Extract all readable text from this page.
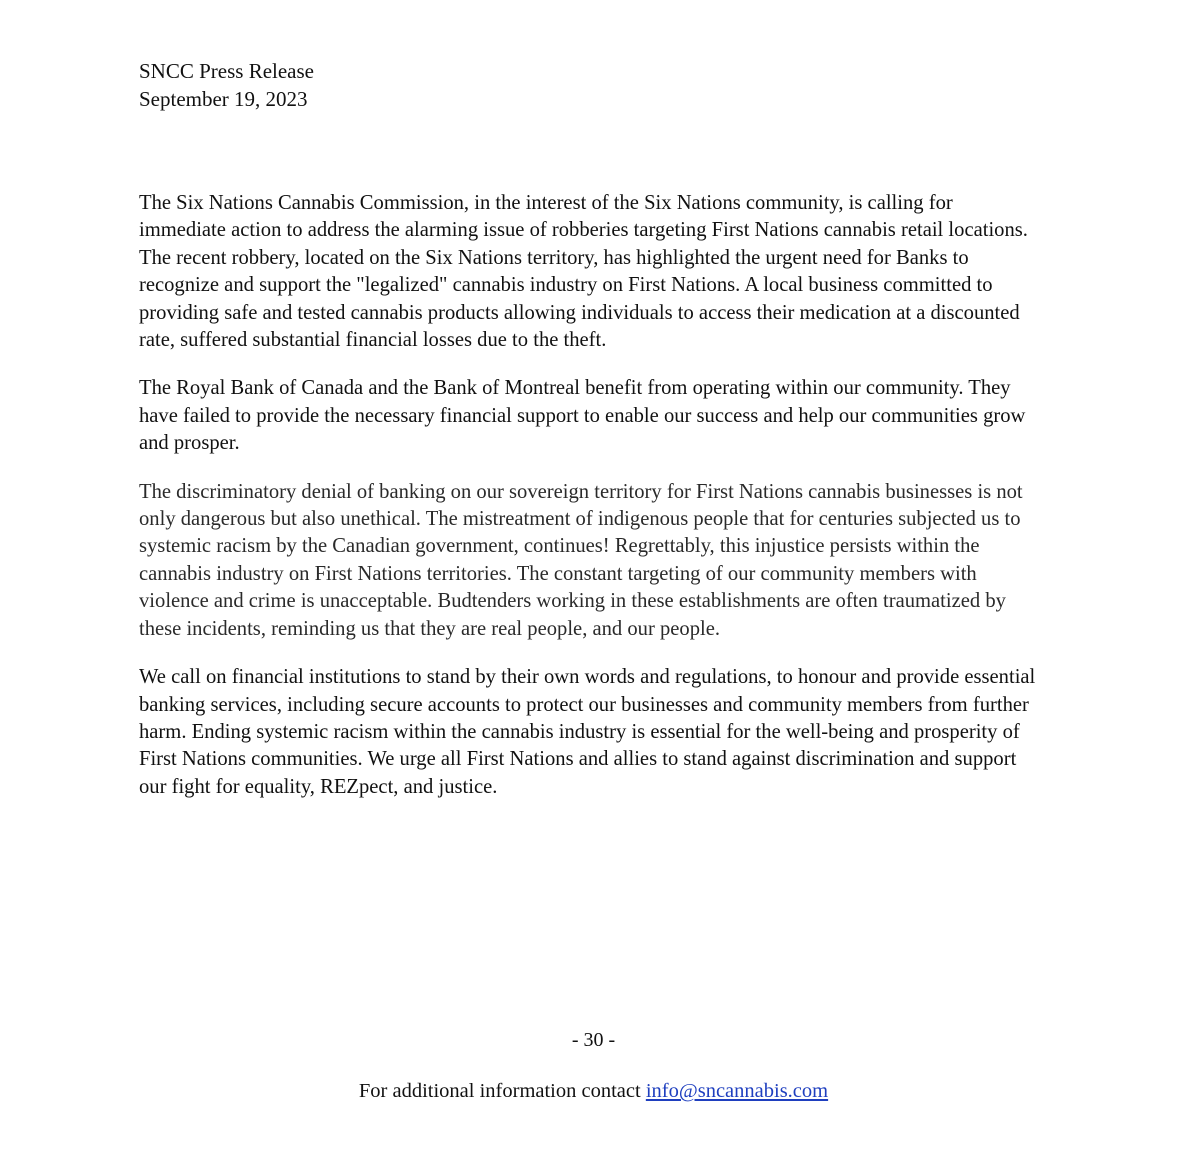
SNCC Press Release
September 19, 2023

The Six Nations Cannabis Commission, in the interest of the Six Nations community, is calling for immediate action to address the alarming issue of robberies targeting First Nations cannabis retail locations. The recent robbery, located on the Six Nations territory, has highlighted the urgent need for Banks to recognize and support the "legalized" cannabis industry on First Nations. A local business committed to providing safe and tested cannabis products allowing individuals to access their medication at a discounted rate, suffered substantial financial losses due to the theft.

The Royal Bank of Canada and the Bank of Montreal benefit from operating within our community. They have failed to provide the necessary financial support to enable our success and help our communities grow and prosper.

The discriminatory denial of banking on our sovereign territory for First Nations cannabis businesses is not only dangerous but also unethical. The mistreatment of indigenous people that for centuries subjected us to systemic racism by the Canadian government, continues! Regrettably, this injustice persists within the cannabis industry on First Nations territories. The constant targeting of our community members with violence and crime is unacceptable. Budtenders working in these establishments are often traumatized by these incidents, reminding us that they are real people, and our people.

We call on financial institutions to stand by their own words and regulations, to honour and provide essential banking services, including secure accounts to protect our businesses and community members from further harm. Ending systemic racism within the cannabis industry is essential for the well-being and prosperity of First Nations communities. We urge all First Nations and allies to stand against discrimination and support our fight for equality, REZpect, and justice.

- 30 -
For additional information contact info@sncannabis.com
